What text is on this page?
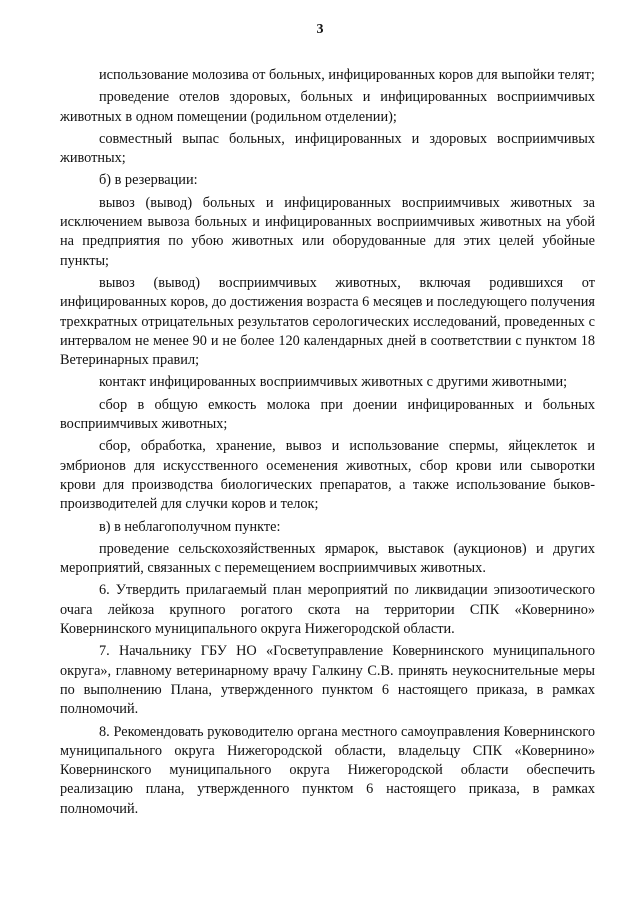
3

использование молозива от больных, инфицированных коров для выпойки телят;

проведение отелов здоровых, больных и инфицированных восприимчивых животных в одном помещении (родильном отделении);

совместный выпас больных, инфицированных и здоровых восприимчивых животных;

б) в резервации:

вывоз (вывод) больных и инфицированных восприимчивых животных за исключением вывоза больных и инфицированных восприимчивых животных на убой на предприятия по убою животных или оборудованные для этих целей убойные пункты;

вывоз (вывод) восприимчивых животных, включая родившихся от инфицированных коров, до достижения возраста 6 месяцев и последующего получения трехкратных отрицательных результатов серологических исследований, проведенных с интервалом не менее 90 и не более 120 календарных дней в соответствии с пунктом 18 Ветеринарных правил;

контакт инфицированных восприимчивых животных с другими животными;

сбор в общую емкость молока при доении инфицированных и больных восприимчивых животных;

сбор, обработка, хранение, вывоз и использование спермы, яйцеклеток и эмбрионов для искусственного осеменения животных, сбор крови или сыворотки крови для производства биологических препаратов, а также использование быков-производителей для случки коров и телок;

в) в неблагополучном пункте:

проведение сельскохозяйственных ярмарок, выставок (аукционов) и других мероприятий, связанных с перемещением восприимчивых животных.

6. Утвердить прилагаемый план мероприятий по ликвидации эпизоотического очага лейкоза крупного рогатого скота на территории СПК «Ковернино» Ковернинского муниципального округа Нижегородской области.

7. Начальнику ГБУ НО «Госветуправление Ковернинского муниципального округа», главному ветеринарному врачу Галкину С.В. принять неукоснительные меры по выполнению Плана, утвержденного пунктом 6 настоящего приказа, в рамках полномочий.

8. Рекомендовать руководителю органа местного самоуправления Ковернинского муниципального округа Нижегородской области, владельцу СПК «Ковернино» Ковернинского муниципального округа Нижегородской области обеспечить реализацию плана, утвержденного пунктом 6 настоящего приказа, в рамках полномочий.
